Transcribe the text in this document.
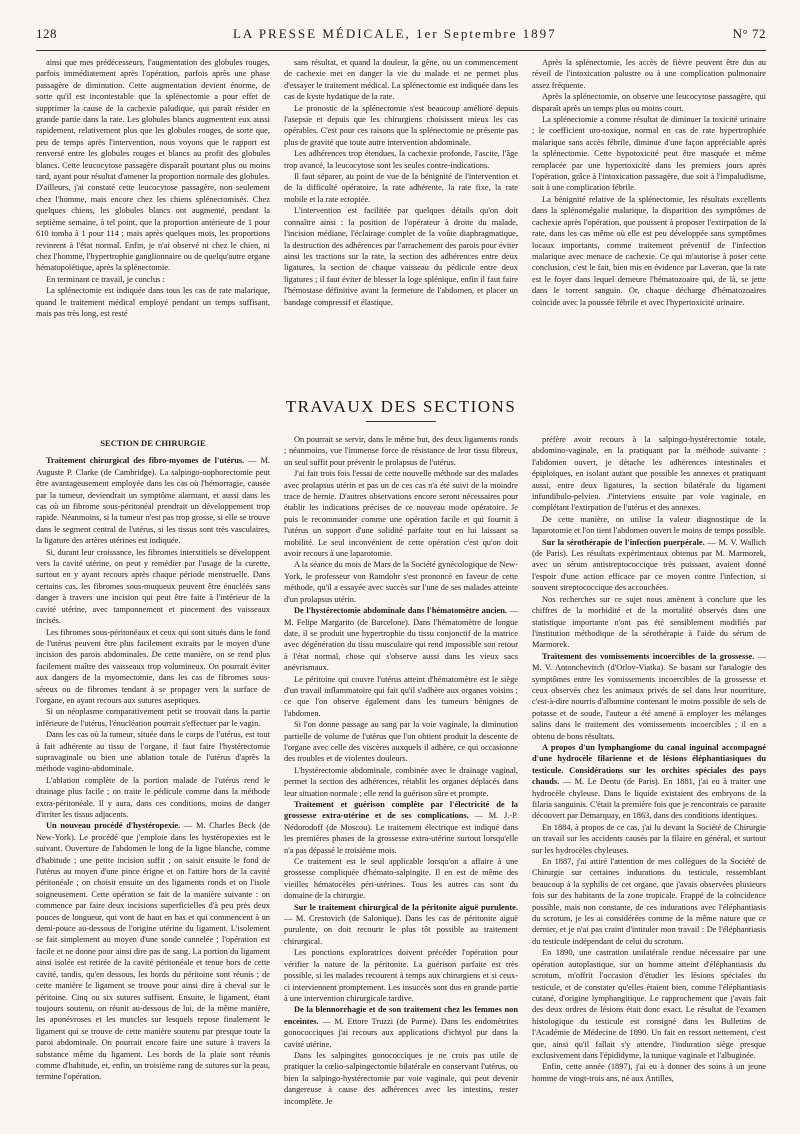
128	LA PRESSE MÉDICALE, 1er Septembre 1897	N° 72

ainsi que mes prédécesseurs, l'augmentation des globules rouges, parfois immédiatement après l'opération, parfois après une phase passagère de diminution. Cette augmentation devient énorme, de sorte qu'il est incontestable que la splénectomie a pour effet de supprimer la cause de la cachexie paludique, qui paraît résider en grande partie dans la rate. Les globules blancs augmentent eux aussi rapidement, relativement plus que les globules rouges, de sorte que, peu de temps après l'intervention, nous voyons que le rapport est renversé entre les globules rouges et blancs au profit des globules blancs. Cette leucocytose passagère disparaît pourtant plus ou moins tard, ayant pour résultat d'amener la proportion normale des globules. D'ailleurs, j'ai constaté cette leucocytose passagère, non seulement chez l'homme, mais encore chez les chiens splénectomisés. Chez quelques chiens, les globules blancs ont augmenté, pendant la septième semaine, à tel point, que la proportion antérieure de 1 pour 610 tomba à 1 pour 114 ; mais après quelques mois, les proportions revinrent à l'état normal. Enfin, je n'ai observé ni chez le chien, ni chez l'homme, l'hypertrophie ganglionnaire ou de quelqu'autre organe hématopoïétique, après la splénectomie.

En terminant ce travail, je conclus :

La splénectomie est indiquée dans tous les cas de rate malarique, quand le traitement médical employé pendant un temps suffisant, mais pas très long, est resté

sans résultat, et quand la douleur, la gêne, ou un commencement de cachexie met en danger la vie du malade et ne permet plus d'essayer le traitement médical. La splénectomie est indiquée dans les cas de kyste hydatique de la rate.

Le pronostic de la splénectomie s'est beaucoup amélioré depuis l'asepsie et depuis que les chirurgiens choisissent mieux les cas opérables. C'est pour ces raisons que la splénectomie ne présente pas plus de gravité que toute autre intervention abdominale.

Les adhérences trop étendues, la cachexie profonde, l'ascite, l'âge trop avancé, la leucocytose sont les seules contre-indications.

Il faut séparer, au point de vue de la bénignité de l'intervention et de la difficulté opératoire, la rate adhérente, la rate fixe, la rate mobile et la rate ectopiée.

L'intervention est facilitée par quelques détails qu'on doit connaître ainsi : la position de l'opérateur à droite du malade, l'incision médiane, l'éclairage complet de la voûte diaphragmatique, la destruction des adhérences par l'arrachement des parois pour éviter ainsi les tractions sur la rate, la section des adhérences entre deux ligatures, la section de chaque vaisseau du pédicule entre deux ligatures ; il faut éviter de blesser la loge splénique, enfin il faut faire l'hémostase définitive avant la fermeture de l'abdomen, et placer un bandage compressif et élastique.

Après la splénectomie, les accès de fièvre peuvent être dus au réveil de l'intoxication palustre ou à une complication pulmonaire assez fréquente.

Après la splénectomie, on observe une leucocytose passagère, qui disparaît après un temps plus ou moins court.

La splénectomie a comme résultat de diminuer la toxicité urinaire ; le coefficient uro-toxique, normal en cas de rate hypertrophiée malarique sans accès fébrile, diminue d'une façon appréciable après la splénectomie. Cette hypotoxicité peut être masquée et même remplacée par une hypertoxicité dans les premiers jours après l'opération, grâce à l'intoxication passagère, due soit à l'impaludisme, soit à une complication fébrile.

La bénignité relative de la splénectomie, les résultats excellents dans la splénomégalie malarique, la disparition des symptômes de cachexie après l'opération, que poussent à proposer l'extirpation de la rate, dans les cas même où elle est peu développée sans symptômes locaux importants, comme traitement préventif de l'infection malarique avec menace de cachexie. Ce qui m'autorise à poser cette conclusion, c'est le fait, bien mis en évidence par Laveran, que la rate est le foyer dans lequel demeure l'hématozoaire qui, de là, se jette dans le torrent sanguin. Or, chaque décharge d'hématozoaires coïncide avec la poussée fébrile et avec l'hypertoxicité urinaire.

TRAVAUX DES SECTIONS
SECTION DE CHIRURGIE

Traitement chirurgical des fibro-myomes de l'utérus. — M. Auguste P. Clarke (de Cambridge). La salpingo-oophorectomie peut être avantageusement employée dans les cas où l'hémorragie, causée par la tumeur, deviendrait un symptôme alarmant, et aussi dans les cas où un fibrome sous-péritonéal prendrait un développement trop rapide. Néanmoins, si la tumeur n'est pas trop grosse, si elle se trouve dans le segment central de l'utérus, si les tissus sont très vasculaires, la ligature des artères utérines est indiquée.

Si, durant leur croissance, les fibromes interstitiels se développent vers la cavité utérine, on peut y remédier par l'usage de la curette, surtout en y ayant recours après chaque période menstruelle. Dans certains cas, les fibromes sous-muqueux peuvent être énucléés sans danger à travers une incision qui peut être faite à l'intérieur de la cavité utérine, avec tamponnement et pincement des vaisseaux incisés.

Les fibromes sous-péritonéaux et ceux qui sont situés dans le fond de l'utérus peuvent être plus facilement extraits par le moyen d'une incision des parois abdominales. De cette manière, on se rend plus facilement maître des vaisseaux trop volumineux. On pourrait éviter aux dangers de la myomectomie, dans les cas de fibromes sous-séreux ou de fibromes tendant à se propager vers la surface de l'organe, en ayant recours aux sutures aseptiques.

Si un néoplasme comparativement petit se trouvait dans la partie inférieure de l'utérus, l'énucléation pourrait s'effectuer par le vagin.

Dans les cas où la tumeur, située dans le corps de l'utérus, est tout à fait adhérente au tissu de l'organe, il faut faire l'hystérectomie supravaginale ou bien une ablation totale de l'utérus d'après la méthode vagino-abdominale.

L'ablation complète de la portion malade de l'utérus rend le drainage plus facile ; on traite le pédicule comme dans la méthode extra-péritonéale. Il y aura, dans ces conditions, moins de danger d'irriter les tissus adjacents.

Un nouveau procédé d'hystéropexie. — M. Charles Beck (de New-York). Le procédé que j'emploie dans les hystéropexies est le suivant. Ouverture de l'abdomen le long de la ligne blanche, comme d'habitude ; une petite incision suffit ; on saisit ensuite le fond de l'utérus au moyen d'une pince érigne et on l'attire hors de la cavité péritonéale ; on choisit ensuite un des ligaments ronds et on l'isole soigneusement. Cette opération se fait de la manière suivante : on commence par faire deux incisions superficielles d'à peu près deux pouces de longueur, qui vont de haut en bas et qui commencent à un demi-pouce au-dessous de l'origine utérine du ligament. L'isolement se fait simplement au moyen d'une sonde cannelée ; l'opération est facile et ne donne pour ainsi dire pas de sang. La portion du ligament ainsi isolée est retirée de la cavité péritonéale et tenue hors de cette cavité, tandis, qu'en dessous, les bords du péritoine sont réunis ; de cette manière le ligament se trouve pour ainsi dire à cheval sur le péritoine. Cinq ou six sutures suffisent. Ensuite, le ligament, étant toujours soutenu, on réunit au-dessous de lui, de la même manière, les aponévroses et les muscles sur lesquels repose finalement le ligament qui se trouve de cette manière soutenu par presque toute la paroi abdominale. On pourrait encore faire une suture à travers la substance même du ligament. Les bords de la plaie sont réunis comme d'habitude, et, enfin, un troisième rang de sutures sur la peau, termine l'opération.

On pourrait se servir, dans le même but, des deux ligaments ronds ; néanmoins, vue l'immense force de résistance de leur tissu fibreux, un seul suffit pour prévenir le prolapsus de l'utérus.

J'ai fait trois fois l'essai de cette nouvelle méthode sur des malades avec prolapsus utérin et pas un de ces cas n'a été suivi de la moindre trace de hernie. D'autres observations encore seront nécessaires pour établir les indications précises de ce nouveau mode opératoire. Je puis le recommander comme une opération facile et qui fournit à l'utérus un support d'une solidité parfaite tout en lui laissant sa mobilité. Le seul inconvénient de cette opération c'est qu'on doit avoir recours à une laparotomie.

A la séance du mois de Mars de la Société gynécologique de New-York, le professeur von Ramdohr s'est prononcé en faveur de cette méthode, qu'il a essayée avec succès sur l'une de ses malades atteinte d'un prolapsus utérin.

De l'hystérectomie abdominale dans l'hématomètre ancien. — M. Felipe Margarito (de Barcelone). Dans l'hématomètre de longue date, il se produit une hypertrophie du tissu conjonctif de la matrice avec dégénération du tissu musculaire qui rend impossible son retour à l'état normal, chose qui s'observe aussi dans les vieux sacs anévrismaux.

Le péritoine qui couvre l'utérus atteint d'hématomètre est le siège d'un travail inflammatoire qui fait qu'il s'adhère aux organes voisins ; ce que l'on observe également dans les tumeurs bénignes de l'abdomen.

Si l'on donne passage au sang par la voie vaginale, la diminution partielle de volume de l'utérus que l'on obtient produit la descente de l'organe avec celle des viscères auxquels il adhère, ce qui occasionne des troubles et de violentes douleurs.

L'hystérectomie abdominale, combinée avec le drainage vaginal, permet la section des adhérences, rétablit les organes déplacés dans leur situation normale ; elle rend la guérison sûre et prompte.

Traitement et guérison complète par l'électricité de la grossesse extra-utérine et de ses complications. — M. J.-P. Nédorodoff (de Moscou). Le traitement électrique est indiqué dans les premières phases de la grossesse extra-utérine surtout lorsqu'elle n'a pas dépassé le troisième mois.

Ce traitement est le seul applicable lorsqu'on a affaire à une grossesse compliquée d'hémato-salpingite. Il en est de même des vieilles hématocèles péri-utérines. Tous les autres cas sont du domaine de la chirurgie.

Sur le traitement chirurgical de la péritonite aiguë purulente. — M. Crestovich (de Salonique). Dans les cas de péritonite aiguë purulente, on doit recourir le plus tôt possible au traitement chirurgical.

Les ponctions exploratrices doivent précéder l'opération pour vérifier la nature de la péritonite. La guérison parfaite est très possible, si les malades recourent à temps aux chirurgiens et si ceux-ci interviennent promptement. Les insuccès sont dus en grande partie à une intervention chirurgicale tardive.

De la blennorrhagie et de son traitement chez les femmes non enceintes. — M. Ettore Truzzi (de Parme). Dans les endométrites gonococciques j'ai recours aux applications d'ichtyol pur dans la cavité utérine.

Dans les salpingites gonococciques je ne crois pas utile de pratiquer la cœlio-salpingectomie bilatérale en conservant l'utérus, ou bien la salpingo-hystérectomie par voie vaginale, qui peut devenir dangereuse à cause des adhérences avec les intestins, rester incomplète. Je

préfère avoir recours à la salpingo-hystérectomie totale, abdomino-vaginale, en la pratiquant par la méthode suivante : l'abdomen ouvert, je détache les adhérences intestinales et épiploïques, en isolant autant que possible les annexes et pratiquant aussi, entre deux ligatures, la section bilatérale du ligament infundibulo-pelvien. J'interviens ensuite par voie vaginale, en complétant l'extirpation de l'utérus et des annexes.

De cette manière, on utilise la valeur diagnostique de la laparotomie et l'on tient l'abdomen ouvert le moins de temps possible.

Sur la sérothérapie de l'infection puerpérale. — M. V. Wallich (de Paris). Les résultats expérimentaux obtenus par M. Marmorek, avec un sérum antistreptococcique très puissant, avaient donné l'espoir d'une action efficace par ce moyen contre l'infection, si souvent streptococcique des accouchées.

Nos recherches sur ce sujet nous amènent à conclure que les chiffres de la morbidité et de la mortalité observés dans une statistique importante n'ont pas été sensiblement modifiés par l'institution méthodique de la sérothérapie à l'aide du sérum de Marmorek.

Traitement des vomissements incoercibles de la grossesse. — M. V. Antonchevitch (d'Orlov-Viatka). Se basant sur l'analogie des symptômes entre les vomissements incoercibles de la grossesse et ceux observés chez les animaux privés de sel dans leur nourriture, c'est-à-dire nourris d'albumine contenant le moins possible de sels de potasse et de soude, l'auteur a été amené à employer les mélanges salins dans le traitement des vomissements incoercibles ; il en a obtenu de bons résultats.

A propos d'un lymphangiome du canal inguinal accompagné d'une hydrocèle filarienne et de lésions éléphantiasiques du testicule. Considérations sur les orchites spéciales des pays chauds. — M. Le Dentu (de Paris). En 1881, j'ai eu à traiter une hydrocèle chyleuse. Dans le liquide existaient des embryons de la filaria sanguinis. C'était la première fois que je rencontrais ce parasite découvert par Demarquay, en 1863, dans des conditions identiques.

En 1884, à propos de ce cas, j'ai lu devant la Société de Chirurgie un travail sur les accidents causés par la filaire en général, et surtout sur les hydrocèles chyleuses.

En 1887, j'ai attiré l'attention de mes collègues de la Société de Chirurgie sur certaines indurations du testicule, ressemblant beaucoup à la syphilis de cet organe, que j'avais observées plusieurs fois sur des habitants de la zone tropicale. Frappé de la coïncidence possible, mais non constante, de ces indurations avec l'éléphantiasis du scrotum, je les ai considérées comme de la même nature que ce dernier, et je n'ai pas craint d'intituler mon travail : De l'éléphantiasis du testicule indépendant de celui du scrotum.

En 1890, une castration unilatérale rendue nécessaire par une opération autoplastique, sur un homme atteint d'éléphantiasis du scrotum, m'offrit l'occasion d'étudier les lésions spéciales du testicule, et de constater qu'elles étaient bien, comme l'éléphantiasis cutané, d'origine lymphangitique. Le rapprochement que j'avais fait des deux ordres de lésions était donc exact. Le résultat de l'examen histologique du testicule est consigné dans les Bulletins de l'Académie de Médecine de 1890. Un fait en ressort nettement, c'est que, ainsi qu'il fallait s'y attendre, l'induration siège presque exclusivement dans l'épididyme, la tunique vaginale et l'albuginée.

Enfin, cette année (1897), j'ai eu à donner des soins à un jeune homme de vingt-trois ans, né aux Antilles,
